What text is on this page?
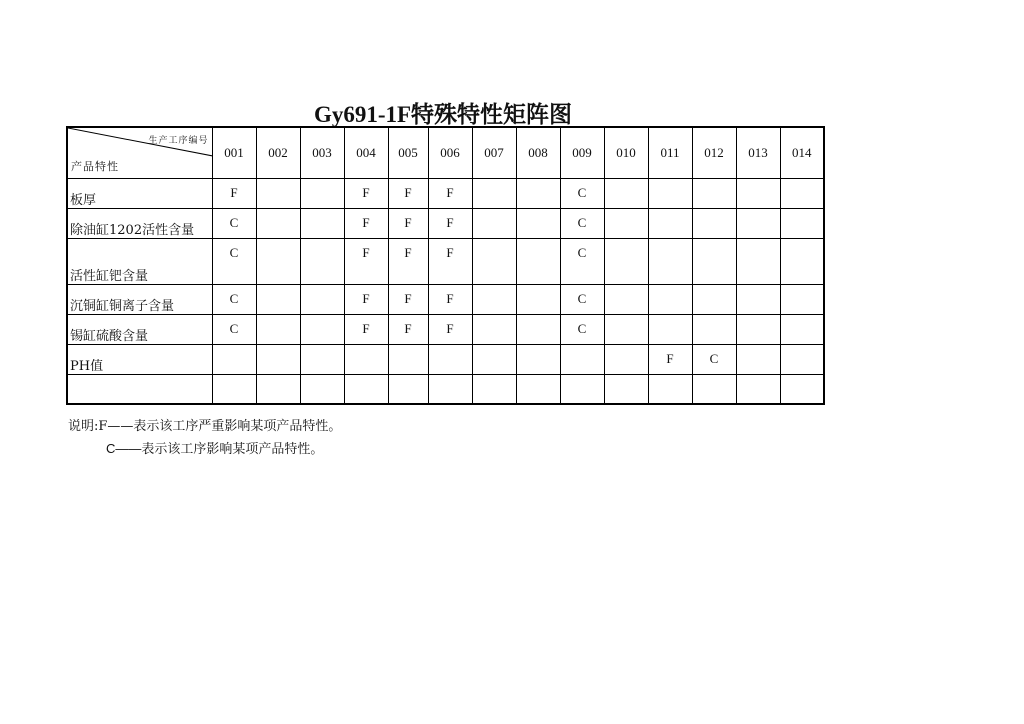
Gy691-1F特殊特性矩阵图
生产工序编号
产品特性	001	002	003	004	005	006	007	008	009	010	011	012	013	014
板厚	F			F	F	F			C					
除油缸1202活性含量	C			F	F	F			C					
活性缸钯含量	C			F	F	F			C					
沉铜缸铜离子含量	C			F	F	F			C					
锡缸硫酸含量	C			F	F	F			C					
PH值											F	C		

说明:F——表示该工序严重影响某项产品特性。
C——表示该工序影响某项产品特性。
